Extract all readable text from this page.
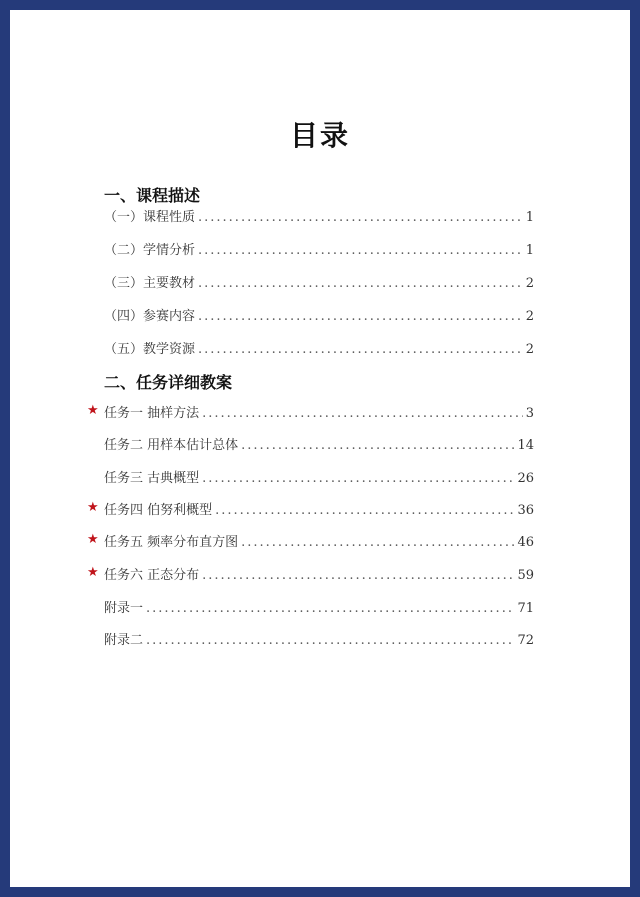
目录
一、课程描述
（一）课程性质 .....	1
（二）学情分析 .....	1
（三）主要教材 .....	2
（四）参赛内容 .....	2
（五）教学资源 .....	2
二、任务详细教案
★ 任务一 抽样方法 .....	3
任务二 用样本估计总体 .....	14
任务三 古典概型 .....	26
★ 任务四 伯努利概型 .....	36
★ 任务五 频率分布直方图 .....	46
★ 任务六 正态分布 .....	59
附录一 .....	71
附录二 .....	72
